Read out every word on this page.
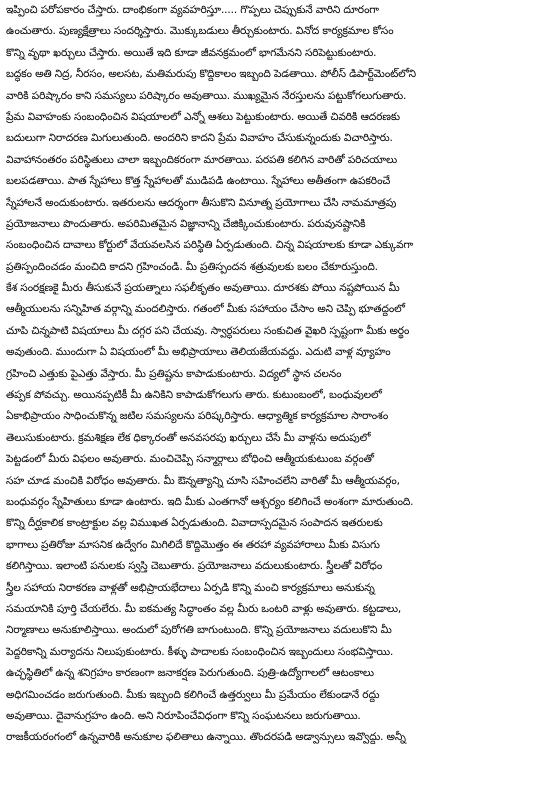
ఇప్పించి పరోపకారం చేస్తారు. దాంభికంగా వ్యవహరిస్తూ..... గొప్పలు చెప్పుకునే వారిని దూరంగా
ఉంచుతారు. పుణ్యక్షేత్రాలు సందర్శిస్తారు. మొక్కుబడులు తీర్చుకుంటారు. వినోద కార్యక్రమాల కోసం
కొన్ని వృథా ఖర్చులు చేస్తారు. అయితే ఇది కూడా జీవనక్రమంలో భాగమేనని సరిపెట్టుకుంటారు.
బద్ధకం అతి నిద్ర, నీరసం, అలసట, మతిమరుపు కొద్దికాలం ఇబ్బంది పెడతాయి. పోలీస్ డిపార్ట్‌మెంట్‌లోని
వారికి పరిష్కారం కాని సమస్యలు పరిష్కారం అవుతాయి. ముఖ్యమైన నేరస్తులను పట్టుకోగలుగుతారు.
ప్రేమ వివాహంకు సంబంధించిన విషయాలలో ఎన్నో ఆశలు పెట్టుకుంటారు. అయితే చివరికి ఆదరణకు
బదులుగా నిరాదరణ మిగులుతుంది. అందరిని కాదని ప్రేమ వివాహం చేసుకున్నందుకు విచారిస్తారు.
వివాహానంతరం పరిస్థితులు చాలా ఇబ్బందికరంగా మారతాయి. పరపతి కలిగిన వారితో పరిచయాలు
బలపడతాయి. పాత స్నేహాలు కొత్త స్నేహాలతో ముడిపడి ఉంటాయి. స్నేహాలు అతీతంగా ఉపకరించే
స్నేహాలనే అందుకుంటారు. ఇతరులను ఆదర్శంగా తీసుకొని వినూత్న ప్రయోగాలు చేసి నామమాత్రపు
ప్రయోజనాలు పొందుతారు. అపరిమితమైన విజ్ఞానాన్ని చేజిక్కించుకుంటారు. పరువునష్టానికి
సంబంధించిన దావాలు కోర్టులో వేయవలసిన పరిస్థితి ఏర్పడుతుంది. చిన్న విషయాలకు కూడా ఎక్కువగా
ప్రతిస్పందించడం మంచిది కాదని గ్రహించండి. మీ ప్రతిస్పందన శత్రువులకు బలం చేకూరుస్తుంది.
కేశ సంరక్షణకై మీరు తీసుకునే ప్రయత్నాలు సఫలీకృతం అవుతాయి. దూరశకు పోయి నష్టపోయిన మీ
ఆత్మీయులను సన్నిహిత వర్గాన్ని మందలిస్తారు. గతంలో మీకు సహాయం చేసాం అని చెప్పి భూతద్దంలో
చూపి చిన్నపాటి విషయాలు మీ దగ్గర పని చేయవు. స్వార్ధపరులు సంకుచిత వైఖరి స్పష్టంగా మీకు అర్థం
అవుతుంది. ముందుగా ఏ విషయంలో మీ అభిప్రాయాలు తెలియజేయవద్దు. ఎదుటి వాళ్ల వ్యూహం
గ్రహించి ఎత్తుకు పైఎత్తు వేస్తారు. మీ ప్రతిష్టను కాపాడుకుంటారు. విద్యలో స్థాన చలనం
తప్పక పోవచ్చు. అయినప్పటికీ మీ ఉనికిని కాపాడుకోగలుగు తారు. కుటుంబంలో, బంధువులలో
ఏకాభిప్రాయం సాధించుకొన్న జటిల సమస్యలను పరిష్కరిస్తారు. ఆధ్యాత్మిక కార్యక్రమాల సారాంశం
తెలుసుకుంటారు. క్రమశిక్షణ లేక ధిక్కారంతో అనవసరపు ఖర్చులు చేసే మీ వాళ్లను అదుపులో
పెట్టడంలో మీరు విఫలం అవుతారు. మంచిచెప్పి సన్మార్గాలు బోధించి ఆత్మీయకుటుంబ వర్గంతో
సహ చూడ మంచికి విరోధం అవుతారు. మీ ఔన్నత్యాన్ని చూసి సహించలేని వారితో మీ ఆత్మీయవర్గం,
బంధువర్గం స్నేహితులు కూడా ఉంటారు. ఇది మీకు ఎంతగానో ఆశ్చర్యం కలిగించే అంశంగా మారుతుంది.
కొన్ని దీర్ఘకాలిక కాంట్రాక్టుల వల్ల విముఖత ఏర్పడుతుంది. వివాదాస్పదమైన సంపాదన ఇతరులకు
భాగాలు ప్రతిరోజు మాసనిక ఉద్వేగం మిగిలిదే కొద్దిమొత్తం ఈ తరహా వ్యవహారాలు మీకు విసుగు
కలిగిస్తాయి. ఇలాంటి పనులకు స్వస్తి చెబుతారు. ప్రయోజనాలు వదులుకుంటారు. స్త్రీలతో విరోధం
స్త్రీల సహాయ నిరాకరణ వాళ్లతో అభిప్రాయభేదాలు ఏర్పడి కొన్ని మంచి కార్యక్రమాలు అనుకున్న
సమయానికి పూర్తి చేయలేరు. మీ ఐకమత్య సిద్ధాంతం వల్ల మీరు ఒంటరి వాళ్లు అవుతారు. కట్టడాలు,
నిర్మాణాలు అనుకూలిస్తాయి. అందులో పురోగతి బాగుంటుంది. కొన్ని ప్రయోజనాలు వదులుకొని మీ
పెద్దరికాన్ని మర్యాదను నిలుపుకుంటారు. కీళ్ళు పాదాలకు సంబంధించిన ఇబ్బందులు సంభవిస్తాయి.
ఉచ్ఛస్థితిలో ఉన్న శనిగ్రహం కారణంగా జనాకర్షణ పెరుగుతుంది. పుత్రి-ఉద్యోగాలలో ఆటంకాలు
అధిగమించడం జరుగుతుంది. మీకు ఇబ్బంది కలిగించే ఉత్తర్వులు మీ ప్రమేయం లేకుండానే రద్దు
అవుతాయి. దైవానుగ్రహం ఉంది. అని నిరూపించేవిధంగా కొన్ని సంఘటనలు జరుగుతాయి.
రాజకీయరంగంలో ఉన్నవారికి అనుకూల ఫలితాలు ఉన్నాయి. తొందరపడి అడ్వాన్సులు ఇవ్వొద్దు. అన్నీ
